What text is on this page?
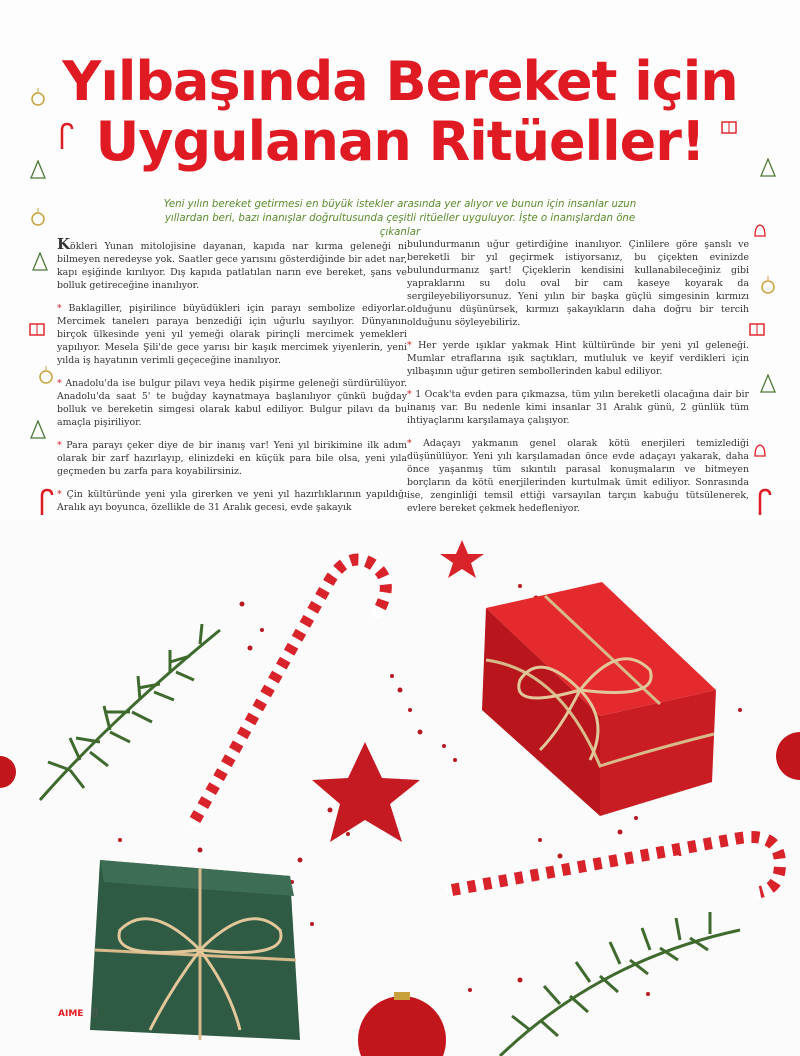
Yılbaşında Bereket için
Uygulanan Ritüeller!
Yeni yılın bereket getirmesi en büyük istekler arasında yer alıyor ve bunun için insanlar uzun yıllardan beri, bazı inanışlar doğrultusunda çeşitli ritüeller uyguluyor. İşte o inanışlardan öne çıkanlar

Kökleri Yunan mitolojisine dayanan, kapıda nar kırma geleneği ni bilmeyen neredeyse yok. Saatler gece yarısını gösterdiğinde bir adet nar, kapı eşiğinde kırılıyor. Dış kapıda patlatılan narın eve bereket, şans ve bolluk getireceğine inanılıyor.

* Baklagiller, pişirilince büyüdükleri için parayı sembolize ediyorlar. Mercimek tanelerı paraya benzediği için uğurlu sayılıyor. Dünyanın birçok ülkesinde yeni yıl yemeği olarak pirinçli mercimek yemekleri yapılıyor. Mesela Şili'de gece yarısı bir kaşık mercimek yiyenlerin, yeni yılda iş hayatının verimli geçeceğine inanılıyor.

* Anadolu'da ise bulgur pilavı veya hedik pişirme geleneği sürdürülüyor. Anadolu'da saat 5' te buğday kaynatmaya başlanılıyor çünkü buğday bolluk ve bereketin simgesi olarak kabul ediliyor. Bulgur pilavı da bu amaçla pişiriliyor.

* Para parayı çeker diye de bir inanış var! Yeni yıl birikimine ilk adım olarak bir zarf hazırlayıp, elinizdeki en küçük para bile olsa, yeni yıla geçmeden bu zarfa para koyabilirsiniz.

* Çin kültüründe yeni yıla girerken ve yeni yıl hazırlıklarının yapıldığı Aralık ayı boyunca, özellikle de 31 Aralık gecesi, evde şakayık

bulundurmanın uğur getirdiğine inanılıyor. Çinlilere göre şanslı ve bereketli bir yıl geçirmek istiyorsanız, bu çiçekten evinizde bulundurmanız şart! Çiçeklerin kendisini kullanabileceğiniz gibi yapraklarını su dolu oval bir cam kaseye koyarak da sergileyebiliyorsunuz. Yeni yılın bir başka güçlü simgesinin kırmızı olduğunu düşünürsek, kırmızı şakayıkların daha doğru bir tercih olduğunu söyleyebiliriz.

* Her yerde ışıklar yakmak Hint kültüründe bir yeni yıl geleneği. Mumlar etraflarına ışık saçtıkları, mutluluk ve keyif verdikleri için yılbaşının uğur getiren sembollerinden kabul ediliyor.

* 1 Ocak'ta evden para çıkmazsa, tüm yılın bereketli olacağına dair bir inanış var. Bu nedenle kimi insanlar 31 Aralık günü, 2 günlük tüm ihtiyaçlarını karşılamaya çalışıyor.

* Adaçayı yakmanın genel olarak kötü enerjileri temizlediği düşünülüyor. Yeni yılı karşılamadan önce evde adaçayı yakarak, daha önce yaşanmış tüm sıkıntılı parasal konuşmaların ve bitmeyen borçların da kötü enerjilerinden kurtulmak ümit ediliyor. Sonrasında ise, zenginliği temsil ettiği varsayılan tarçın kabuğu tütsülenerek, evlere bereket çekmek hedefleniyor.

AIME 8
